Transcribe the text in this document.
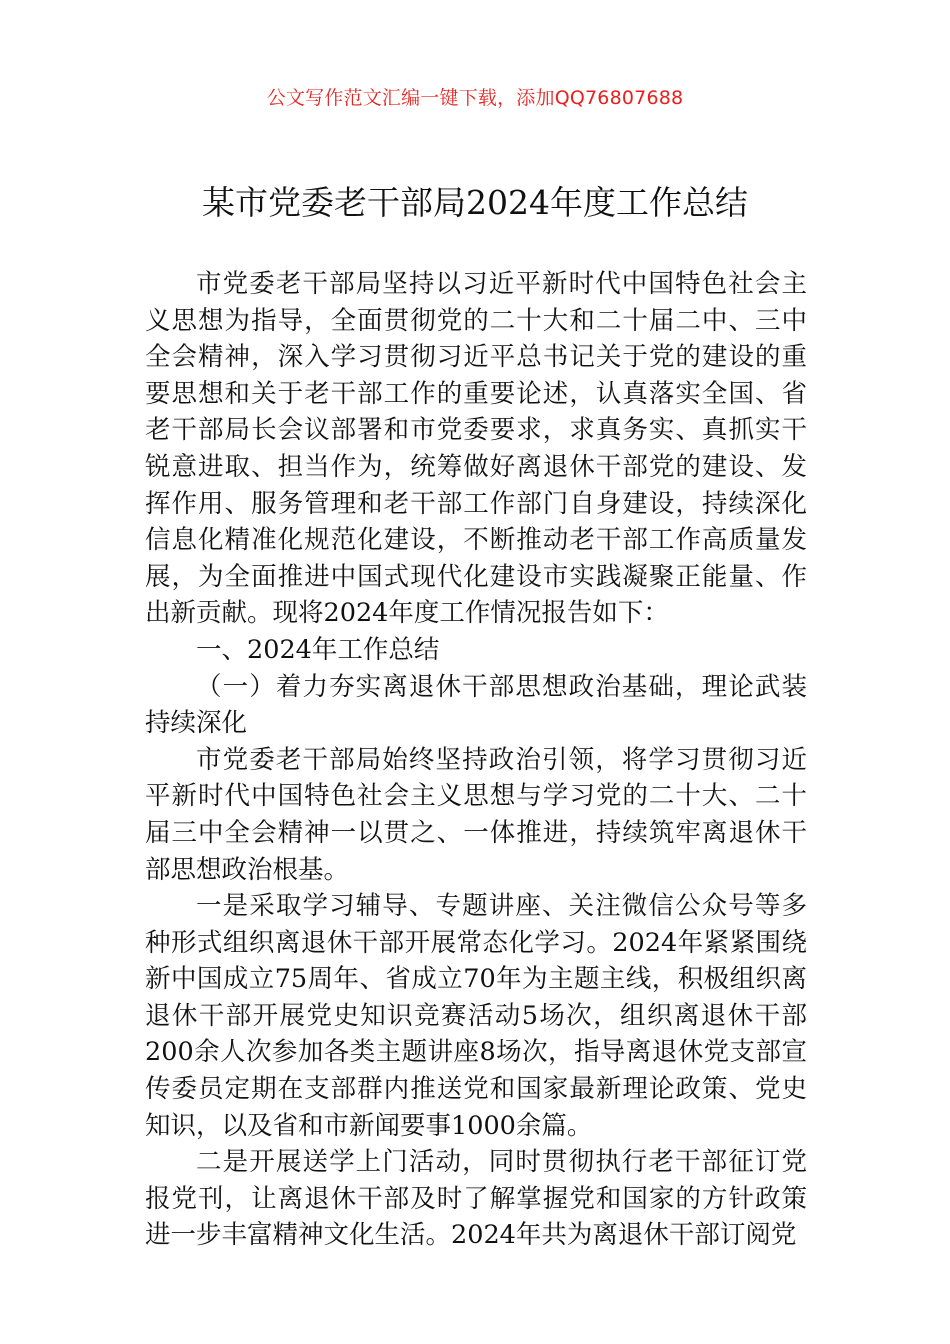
公文写作范文汇编一键下载，添加QQ76807688
某市党委老干部局2024年度工作总结

市党委老干部局坚持以习近平新时代中国特色社会主义思想为指导，全面贯彻党的二十大和二十届二中、三中全会精神，深入学习贯彻习近平总书记关于党的建设的重要思想和关于老干部工作的重要论述，认真落实全国、省老干部局长会议部署和市党委要求，求真务实、真抓实干锐意进取、担当作为，统筹做好离退休干部党的建设、发挥作用、服务管理和老干部工作部门自身建设，持续深化信息化精准化规范化建设，不断推动老干部工作高质量发展，为全面推进中国式现代化建设市实践凝聚正能量、作出新贡献。现将2024年度工作情况报告如下：

一、2024年工作总结

（一）着力夯实离退休干部思想政治基础，理论武装持续深化

市党委老干部局始终坚持政治引领，将学习贯彻习近平新时代中国特色社会主义思想与学习党的二十大、二十届三中全会精神一以贯之、一体推进，持续筑牢离退休干部思想政治根基。

一是采取学习辅导、专题讲座、关注微信公众号等多种形式组织离退休干部开展常态化学习。2024年紧紧围绕新中国成立75周年、省成立70年为主题主线，积极组织离退休干部开展党史知识竞赛活动5场次，组织离退休干部200余人次参加各类主题讲座8场次，指导离退休党支部宣传委员定期在支部群内推送党和国家最新理论政策、党史知识，以及省和市新闻要事1000余篇。

二是开展送学上门活动，同时贯彻执行老干部征订党报党刊，让离退休干部及时了解掌握党和国家的方针政策进一步丰富精神文化生活。2024年共为离退休干部订阅党
